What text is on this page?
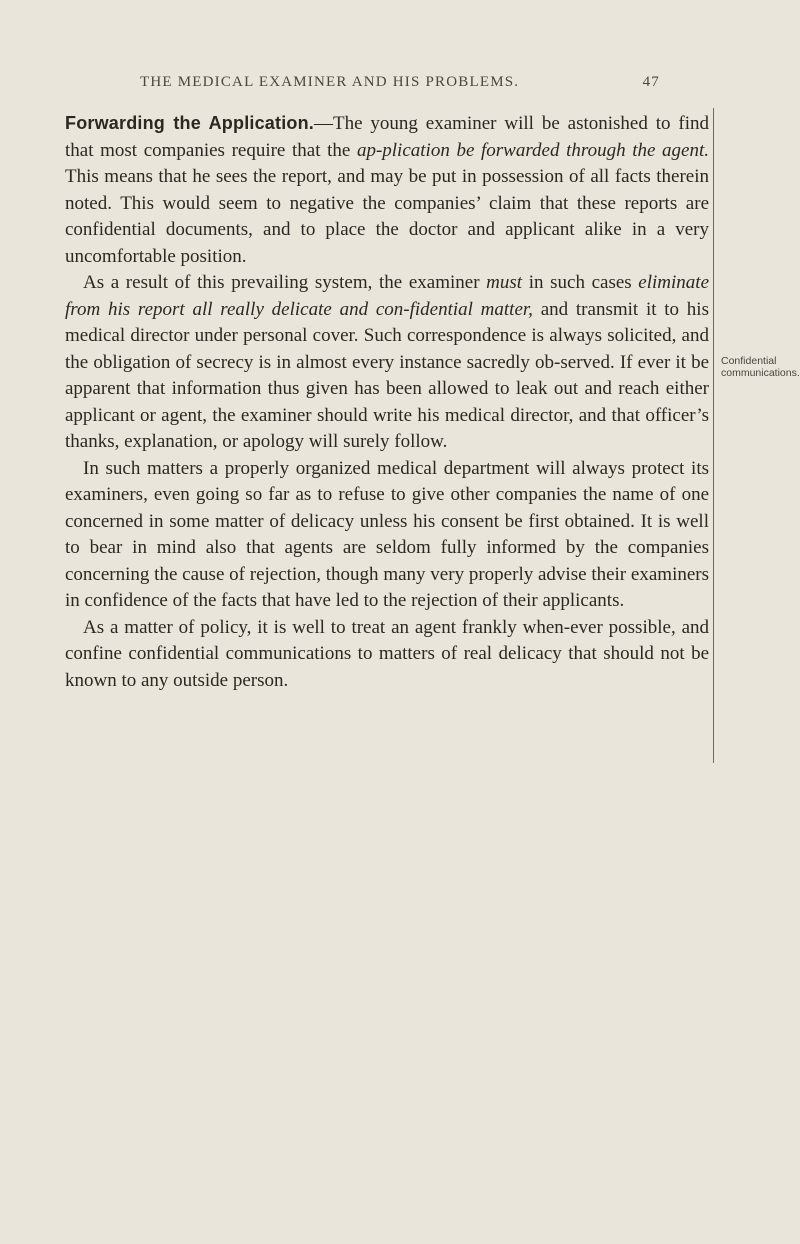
THE MEDICAL EXAMINER AND HIS PROBLEMS.	47

Forwarding the Application.—The young examiner will be astonished to find that most companies require that the ap-plication be forwarded through the agent. This means that he sees the report, and may be put in possession of all facts therein noted. This would seem to negative the companies’ claim that these reports are confidential documents, and to place the doctor and applicant alike in a very uncomfortable position.

As a result of this prevailing system, the examiner must in such cases eliminate from his report all really delicate and con-fidential matter, and transmit it to his medical director under personal cover. Such correspondence is always solicited, and the obligation of secrecy is in almost every instance sacredly ob-served. If ever it be apparent that information thus given has been allowed to leak out and reach either applicant or agent, the examiner should write his medical director, and that officer’s thanks, explanation, or apology will surely follow.

In such matters a properly organized medical department will always protect its examiners, even going so far as to refuse to give other companies the name of one concerned in some matter of delicacy unless his consent be first obtained. It is well to bear in mind also that agents are seldom fully informed by the companies concerning the cause of rejection, though many very properly advise their examiners in confidence of the facts that have led to the rejection of their applicants.

As a matter of policy, it is well to treat an agent frankly when-ever possible, and confine confidential communications to matters of real delicacy that should not be known to any outside person.

Confidential
communications.
